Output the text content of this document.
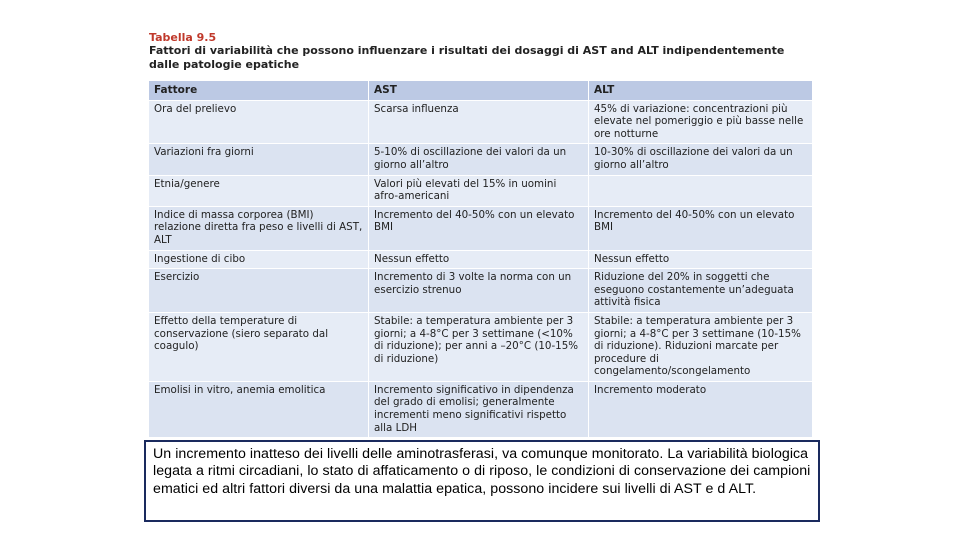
Tabella 9.5
Fattori di variabilità che possono influenzare i risultati dei dosaggi di AST and ALT indipendentemente dalle patologie epatiche
Fattore	AST	ALT
Ora del prelievo	Scarsa influenza	45% di variazione: concentrazioni più elevate nel pomeriggio e più basse nelle ore notturne
Variazioni fra giorni	5-10% di oscillazione dei valori da un giorno all’altro	10-30% di oscillazione dei valori da un giorno all’altro
Etnia/genere	Valori più elevati del 15% in uomini afro-americani	
Indice di massa corporea (BMI) relazione diretta fra peso e livelli di AST, ALT	Incremento del 40-50% con un elevato BMI	Incremento del 40-50% con un elevato BMI
Ingestione di cibo	Nessun effetto	Nessun effetto
Esercizio	Incremento di 3 volte la norma con un esercizio strenuo	Riduzione del 20% in soggetti che eseguono costantemente un’adeguata attività fisica
Effetto della temperature di conservazione (siero separato dal coagulo)	Stabile: a temperatura ambiente per 3 giorni; a 4-8°C per 3 settimane (<10% di riduzione); per anni a –20°C (10-15% di riduzione)	Stabile: a temperatura ambiente per 3 giorni; a 4-8°C per 3 settimane (10-15% di riduzione). Riduzioni marcate per procedure di congelamento/scongelamento
Emolisi in vitro, anemia emolitica	Incremento significativo in dipendenza del grado di emolisi; generalmente incrementi meno significativi rispetto alla LDH	Incremento moderato
Un incremento inatteso dei livelli delle aminotrasferasi, va comunque monitorato. La variabilità biologica legata a ritmi circadiani, lo stato di affaticamento o di riposo, le condizioni di conservazione dei campioni ematici ed altri fattori diversi da una malattia epatica, possono incidere sui livelli di AST e d ALT.
